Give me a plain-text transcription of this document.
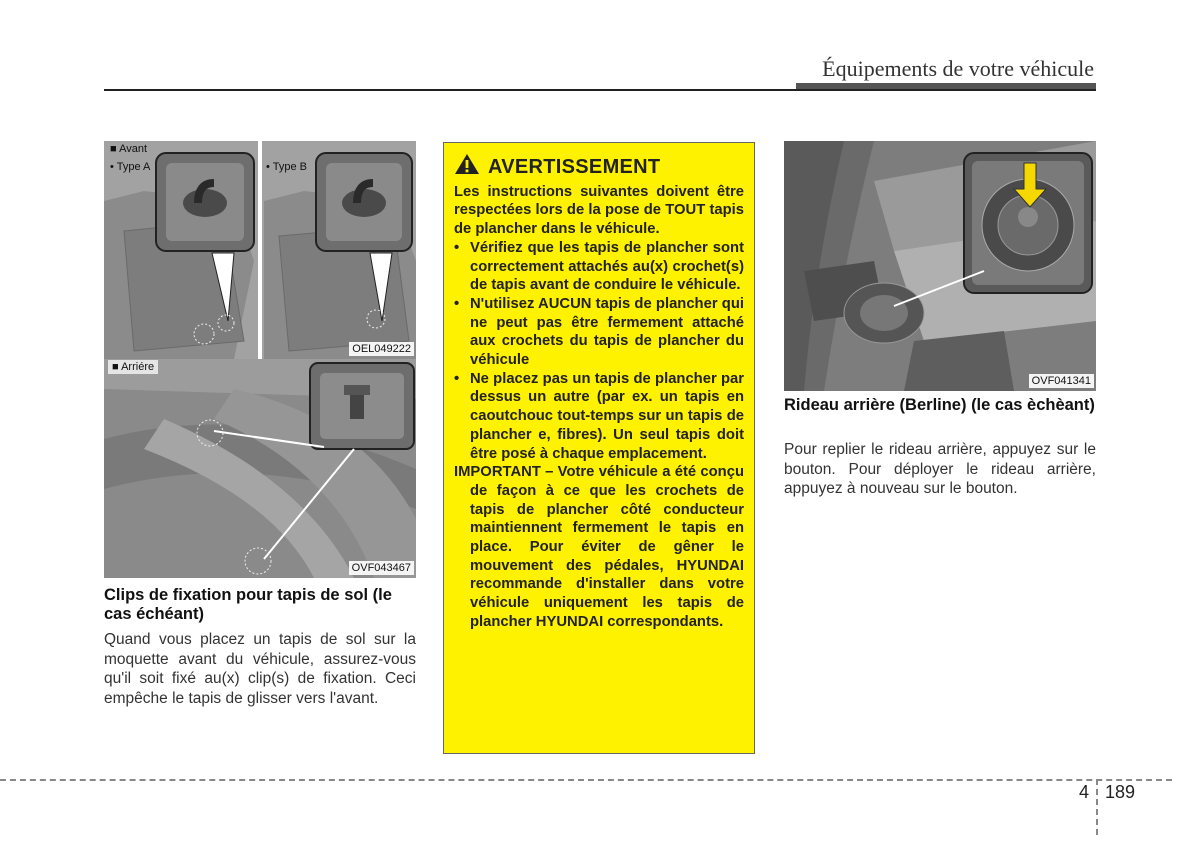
Équipements de votre véhicule
■ Avant
• Type A	• Type B
OEL049222
■ Arriére
OVF043467
Clips de fixation pour tapis de sol (le cas échéant)
Quand vous placez un tapis de sol sur la moquette avant du véhicule, assurez-vous qu'il soit fixé au(x) clip(s) de fixation. Ceci empêche le tapis de glisser vers l'avant.
AVERTISSEMENT

Les instructions suivantes doivent être respectées lors de la pose de TOUT tapis de plancher dans le véhicule.

• Vérifiez que les tapis de plancher sont correctement attachés au(x) crochet(s) de tapis avant de conduire le véhicule.
• N'utilisez AUCUN tapis de plancher qui ne peut pas être fermement attaché aux crochets du tapis de plancher du véhicule
• Ne placez pas un tapis de plancher par dessus un autre (par ex. un tapis en caoutchouc tout-temps sur un tapis de plancher e, fibres). Un seul tapis doit être posé à chaque emplacement.

IMPORTANT – Votre véhicule a été conçu de façon à ce que les crochets de tapis de plancher côté conducteur maintiennent fermement le tapis en place. Pour éviter de gêner le mouvement des pédales, HYUNDAI recommande d'installer dans votre véhicule uniquement les tapis de plancher HYUNDAI correspondants.

OVF041341
Rideau arrière (Berline) (le cas èchèant)
Pour replier le rideau arrière, appuyez sur le bouton. Pour déployer le rideau arrière, appuyez à nouveau sur le bouton.
4 189
